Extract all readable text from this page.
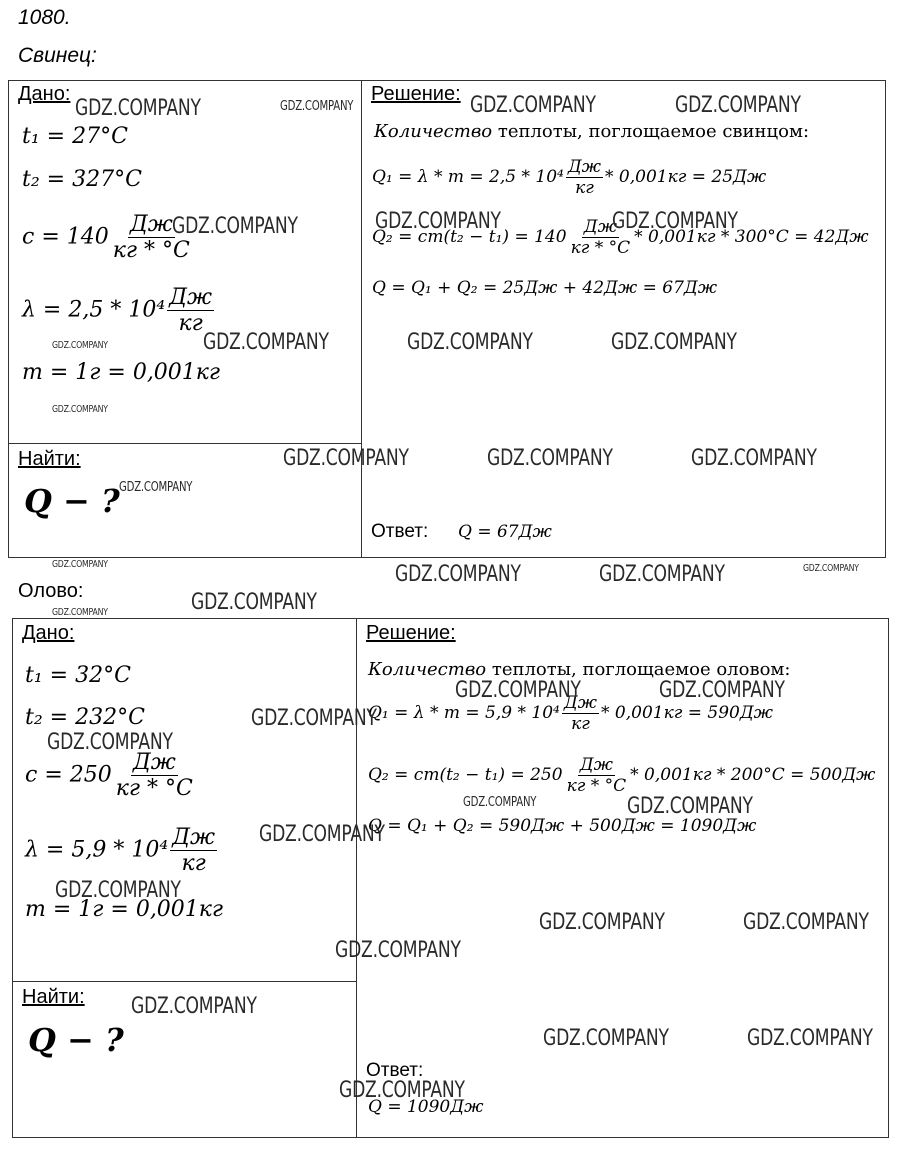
1080.
Свинец:
Дано:	Решение:
Найти:
t₁ = 27°C
t₂ = 327°C
$c = 140 \frac{Дж}{кг * ^\circ C}$
$\lambda = 2,5 * 10^4 \frac{Дж}{кг}$
m = 1г = 0,001кг
Q − ?
Количество теплоты, поглощаемое свинцом:
$Q_1 = \lambda * m = 2,5 * 10^4 \frac{Дж}{кг} * 0,001кг = 25Дж$
$Q_2 = cm(t_2 - t_1) = 140 \frac{Дж}{кг * ^\circ C} * 0,001кг * 300^\circ C = 42Дж$
Q = Q₁ + Q₂ = 25Дж + 42Дж = 67Дж
Ответ: Q = 67Дж
Олово:
Дано:	Решение:
Найти:
t₁ = 32°C
t₂ = 232°C
$c = 250 \frac{Дж}{кг * ^\circ C}$
$\lambda = 5,9 * 10^4 \frac{Дж}{кг}$
m = 1г = 0,001кг
Q − ?
Количество теплоты, поглощаемое оловом:
$Q_1 = \lambda * m = 5,9 * 10^4 \frac{Дж}{кг} * 0,001кг = 590Дж$
$Q_2 = cm(t_2 - t_1) = 250 \frac{Дж}{кг * ^\circ C} * 0,001кг * 200^\circ C = 500Дж$
Q = Q₁ + Q₂ = 590Дж + 500Дж = 1090Дж
Ответ:
Q = 1090Дж
GDZ.COMPANY	GDZ.COMPANY	GDZ.COMPANY	GDZ.COMPANY
GDZ.COMPANY	GDZ.COMPANY	GDZ.COMPANY
GDZ.COMPANY
GDZ.COMPANY	GDZ.COMPANY	GDZ.COMPANY
GDZ.COMPANY
GDZ.COMPANY	GDZ.COMPANY	GDZ.COMPANY
GDZ.COMPANY
GDZ.COMPANY	GDZ.COMPANY	GDZ.COMPANY	GDZ.COMPANY
GDZ.COMPANY
GDZ.COMPANY
GDZ.COMPANY	GDZ.COMPANY
GDZ.COMPANY
GDZ.COMPANY
GDZ.COMPANY	GDZ.COMPANY
GDZ.COMPANY
GDZ.COMPANY
GDZ.COMPANY	GDZ.COMPANY
GDZ.COMPANY
GDZ.COMPANY
GDZ.COMPANY	GDZ.COMPANY
GDZ.COMPANY
